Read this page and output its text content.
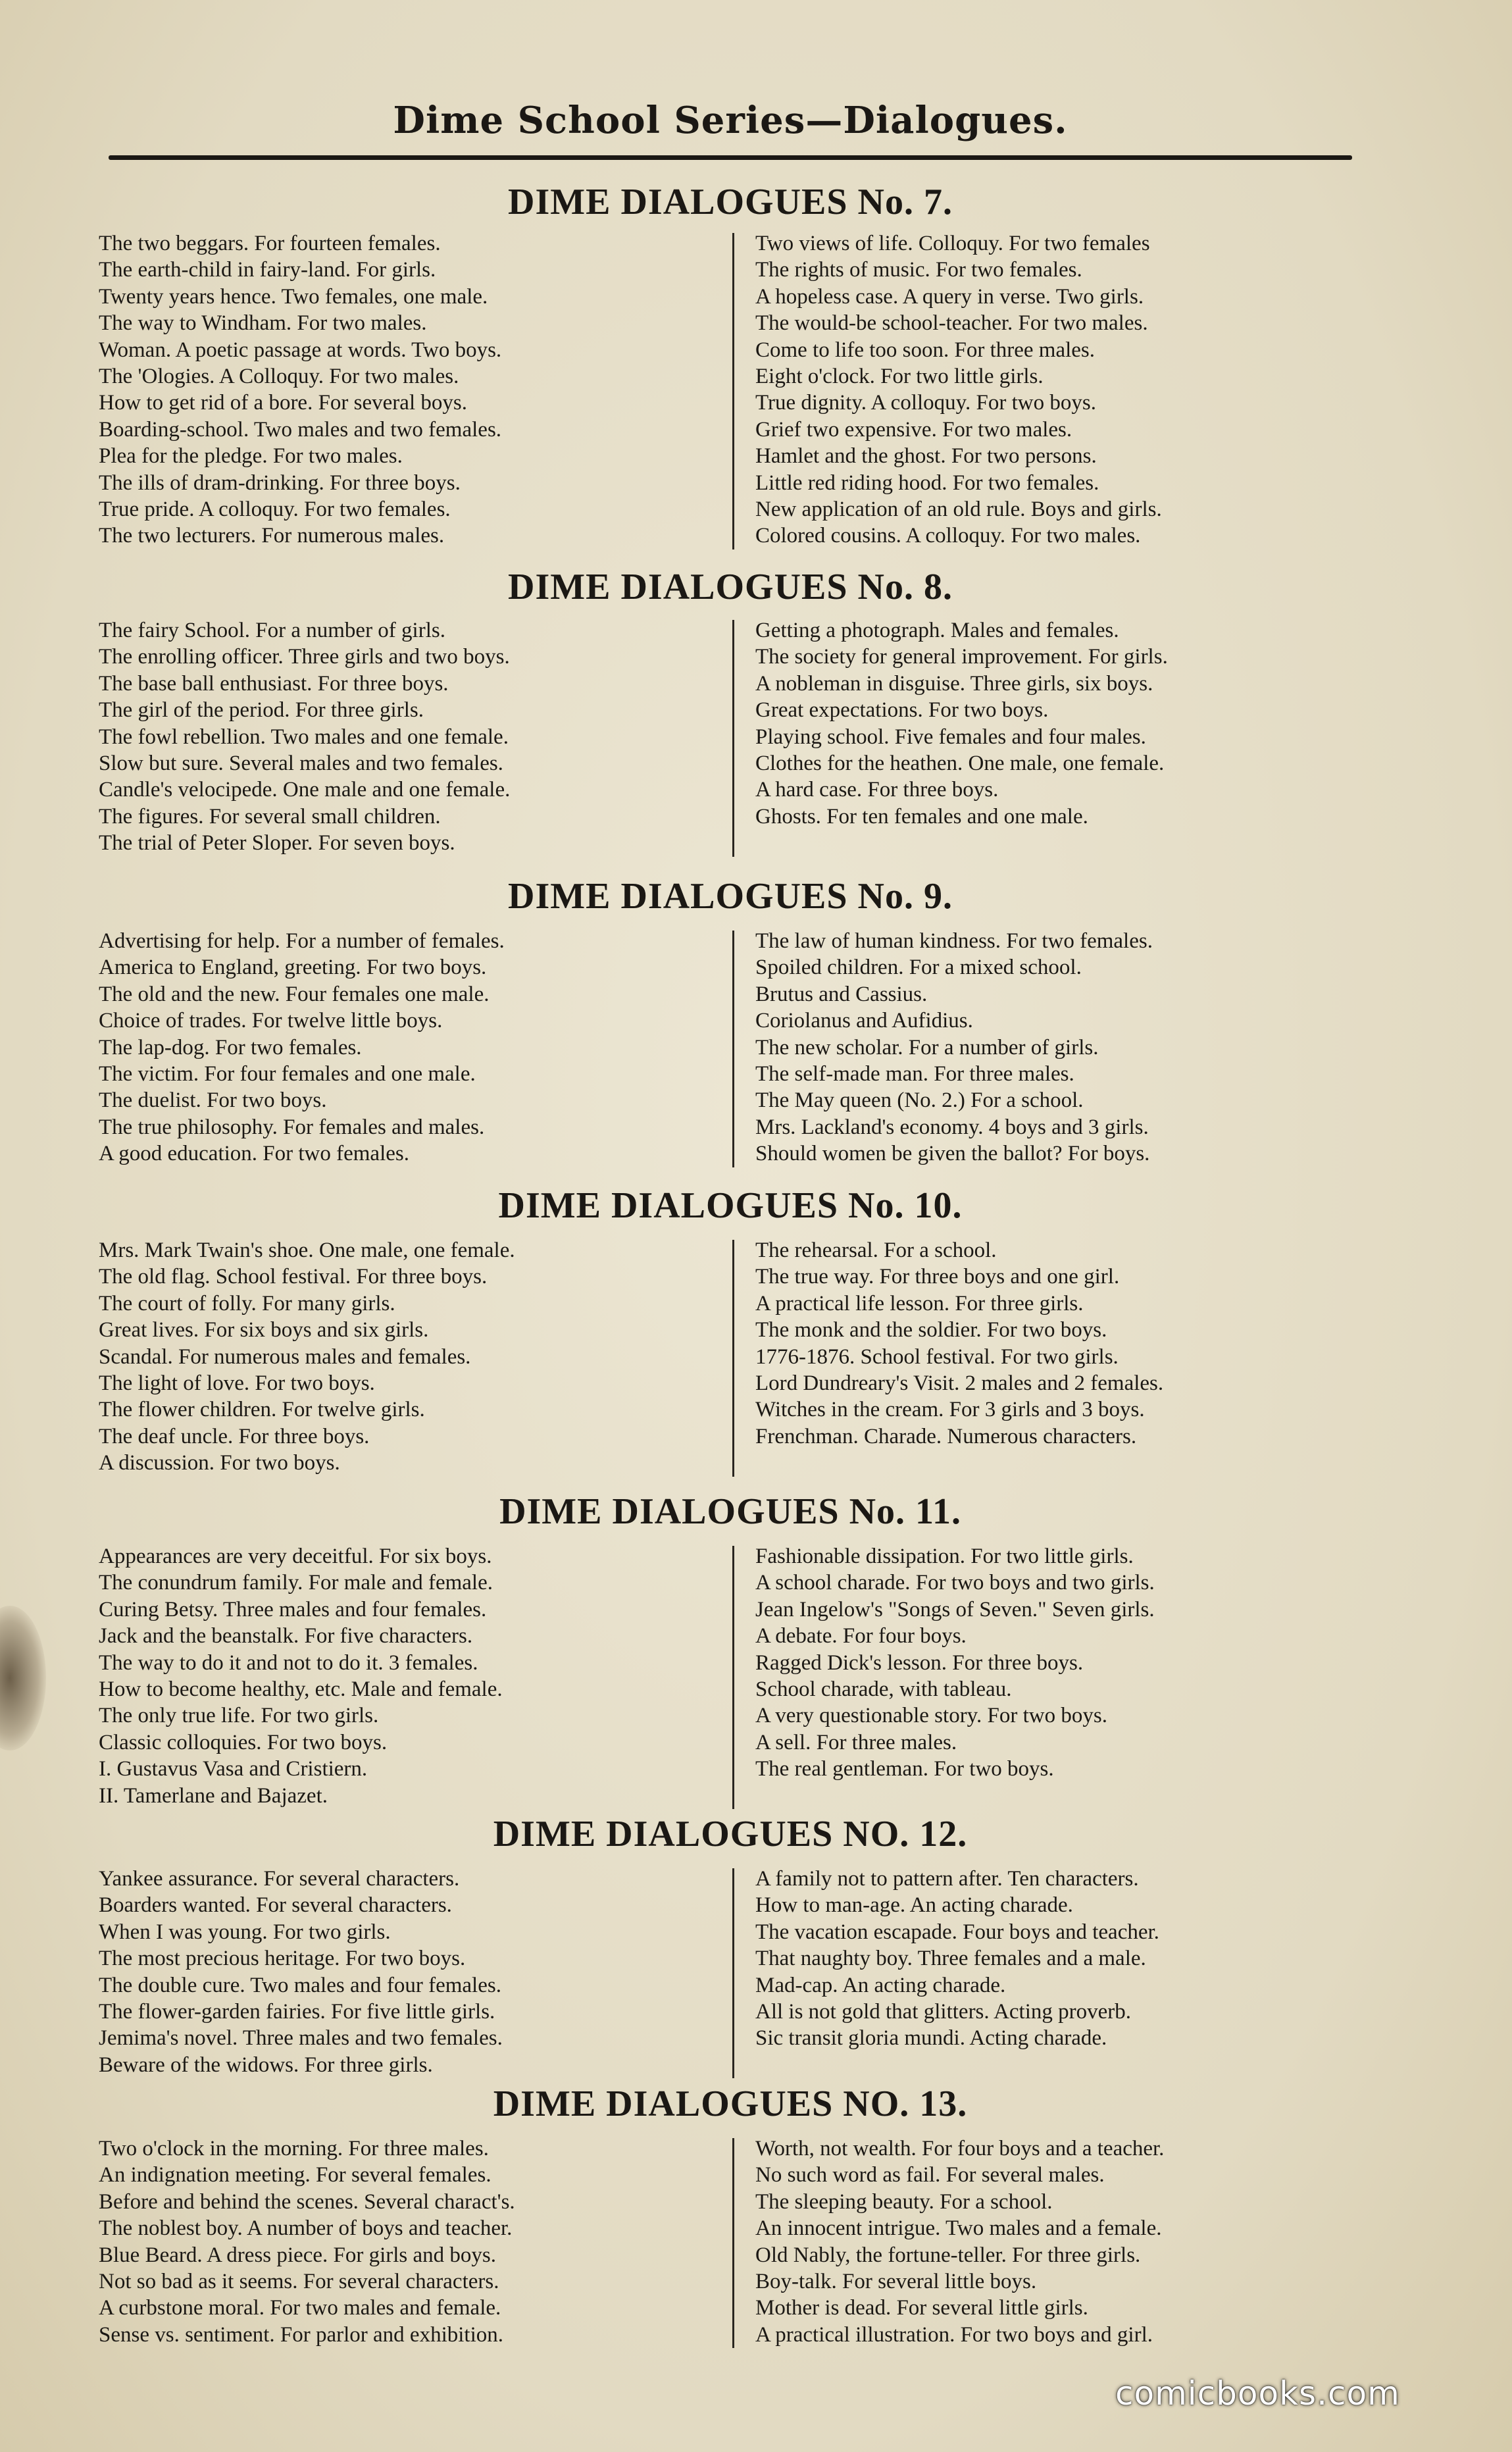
Dime School Series—Dialogues.
DIME DIALOGUES No. 7.
The two beggars. For fourteen females.
The earth-child in fairy-land. For girls.
Twenty years hence. Two females, one male.
The way to Windham. For two males.
Woman. A poetic passage at words. Two boys.
The 'Ologies. A Colloquy. For two males.
How to get rid of a bore. For several boys.
Boarding-school. Two males and two females.
Plea for the pledge. For two males.
The ills of dram-drinking. For three boys.
True pride. A colloquy. For two females.
The two lecturers. For numerous males.
Two views of life. Colloquy. For two females
The rights of music. For two females.
A hopeless case. A query in verse. Two girls.
The would-be school-teacher. For two males.
Come to life too soon. For three males.
Eight o'clock. For two little girls.
True dignity. A colloquy. For two boys.
Grief two expensive. For two males.
Hamlet and the ghost. For two persons.
Little red riding hood. For two females.
New application of an old rule. Boys and girls.
Colored cousins. A colloquy. For two males.
DIME DIALOGUES No. 8.
The fairy School. For a number of girls.
The enrolling officer. Three girls and two boys.
The base ball enthusiast. For three boys.
The girl of the period. For three girls.
The fowl rebellion. Two males and one female.
Slow but sure. Several males and two females.
Candle's velocipede. One male and one female.
The figures. For several small children.
The trial of Peter Sloper. For seven boys.
Getting a photograph. Males and females.
The society for general improvement. For girls.
A nobleman in disguise. Three girls, six boys.
Great expectations. For two boys.
Playing school. Five females and four males.
Clothes for the heathen. One male, one female.
A hard case. For three boys.
Ghosts. For ten females and one male.
DIME DIALOGUES No. 9.
Advertising for help. For a number of females.
America to England, greeting. For two boys.
The old and the new. Four females one male.
Choice of trades. For twelve little boys.
The lap-dog. For two females.
The victim. For four females and one male.
The duelist. For two boys.
The true philosophy. For females and males.
A good education. For two females.
The law of human kindness. For two females.
Spoiled children. For a mixed school.
Brutus and Cassius.
Coriolanus and Aufidius.
The new scholar. For a number of girls.
The self-made man. For three males.
The May queen (No. 2.) For a school.
Mrs. Lackland's economy. 4 boys and 3 girls.
Should women be given the ballot? For boys.
DIME DIALOGUES No. 10.
Mrs. Mark Twain's shoe. One male, one female.
The old flag. School festival. For three boys.
The court of folly. For many girls.
Great lives. For six boys and six girls.
Scandal. For numerous males and females.
The light of love. For two boys.
The flower children. For twelve girls.
The deaf uncle. For three boys.
A discussion. For two boys.
The rehearsal. For a school.
The true way. For three boys and one girl.
A practical life lesson. For three girls.
The monk and the soldier. For two boys.
1776-1876. School festival. For two girls.
Lord Dundreary's Visit. 2 males and 2 females.
Witches in the cream. For 3 girls and 3 boys.
Frenchman. Charade. Numerous characters.
DIME DIALOGUES No. 11.
Appearances are very deceitful. For six boys.
The conundrum family. For male and female.
Curing Betsy. Three males and four females.
Jack and the beanstalk. For five characters.
The way to do it and not to do it. 3 females.
How to become healthy, etc. Male and female.
The only true life. For two girls.
Classic colloquies. For two boys.
I. Gustavus Vasa and Cristiern.
II. Tamerlane and Bajazet.
Fashionable dissipation. For two little girls.
A school charade. For two boys and two girls.
Jean Ingelow's "Songs of Seven." Seven girls.
A debate. For four boys.
Ragged Dick's lesson. For three boys.
School charade, with tableau.
A very questionable story. For two boys.
A sell. For three males.
The real gentleman. For two boys.
DIME DIALOGUES NO. 12.
Yankee assurance. For several characters.
Boarders wanted. For several characters.
When I was young. For two girls.
The most precious heritage. For two boys.
The double cure. Two males and four females.
The flower-garden fairies. For five little girls.
Jemima's novel. Three males and two females.
Beware of the widows. For three girls.
A family not to pattern after. Ten characters.
How to man-age. An acting charade.
The vacation escapade. Four boys and teacher.
That naughty boy. Three females and a male.
Mad-cap. An acting charade.
All is not gold that glitters. Acting proverb.
Sic transit gloria mundi. Acting charade.
DIME DIALOGUES NO. 13.
Two o'clock in the morning. For three males.
An indignation meeting. For several females.
Before and behind the scenes. Several charact's.
The noblest boy. A number of boys and teacher.
Blue Beard. A dress piece. For girls and boys.
Not so bad as it seems. For several characters.
A curbstone moral. For two males and female.
Sense vs. sentiment. For parlor and exhibition.
Worth, not wealth. For four boys and a teacher.
No such word as fail. For several males.
The sleeping beauty. For a school.
An innocent intrigue. Two males and a female.
Old Nably, the fortune-teller. For three girls.
Boy-talk. For several little boys.
Mother is dead. For several little girls.
A practical illustration. For two boys and girl.
comicbooks.com
